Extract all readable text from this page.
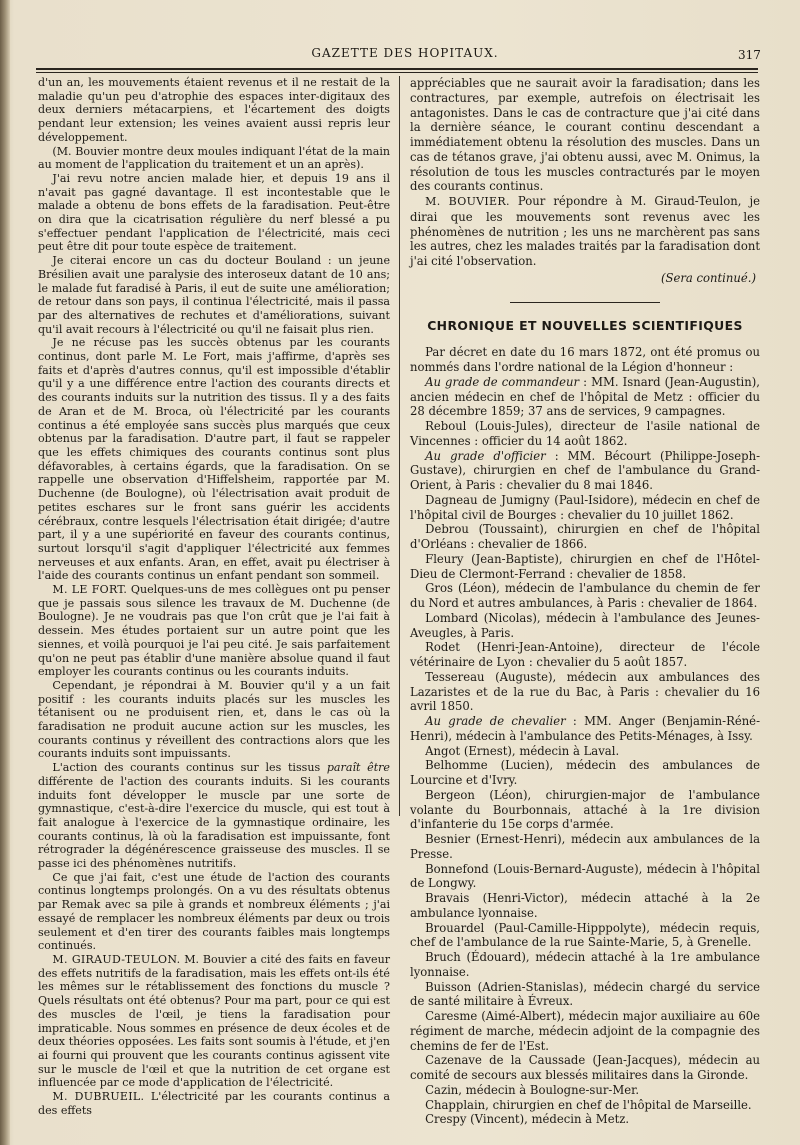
GAZETTE DES HOPITAUX.	317

d'un an, les mouvements étaient revenus et il ne restait de la maladie qu'un peu d'atrophie des espaces inter-digitaux des deux derniers métacarpiens, et l'écartement des doigts pendant leur extension; les veines avaient aussi repris leur développement.

(M. Bouvier montre deux moules indiquant l'état de la main au moment de l'application du traitement et un an après).

J'ai revu notre ancien malade hier, et depuis 19 ans il n'avait pas gagné davantage. Il est incontestable que le malade a obtenu de bons effets de la faradisation. Peut-être on dira que la cicatrisation régulière du nerf blessé a pu s'effectuer pendant l'application de l'électricité, mais ceci peut être dit pour toute espèce de traitement.

Je citerai encore un cas du docteur Bouland : un jeune Brésilien avait une paralysie des interoseux datant de 10 ans; le malade fut faradisé à Paris, il eut de suite une amélioration; de retour dans son pays, il continua l'électricité, mais il passa par des alternatives de rechutes et d'améliorations, suivant qu'il avait recours à l'électricité ou qu'il ne faisait plus rien.

Je ne récuse pas les succès obtenus par les courants continus, dont parle M. Le Fort, mais j'affirme, d'après ses faits et d'après d'autres connus, qu'il est impossible d'établir qu'il y a une différence entre l'action des courants directs et des courants induits sur la nutrition des tissus. Il y a des faits de Aran et de M. Broca, où l'électricité par les courants continus a été employée sans succès plus marqués que ceux obtenus par la faradisation. D'autre part, il faut se rappeler que les effets chimiques des courants continus sont plus défavorables, à certains égards, que la faradisation. On se rappelle une observation d'Hiffelsheim, rapportée par M. Duchenne (de Boulogne), où l'électrisation avait produit de petites eschares sur le front sans guérir les accidents cérébraux, contre lesquels l'électrisation était dirigée; d'autre part, il y a une supériorité en faveur des courants continus, surtout lorsqu'il s'agit d'appliquer l'électricité aux femmes nerveuses et aux enfants. Aran, en effet, avait pu électriser à l'aide des courants continus un enfant pendant son sommeil.

M. LE FORT. Quelques-uns de mes collègues ont pu penser que je passais sous silence les travaux de M. Duchenne (de Boulogne). Je ne voudrais pas que l'on crût que je l'ai fait à dessein. Mes études portaient sur un autre point que les siennes, et voilà pourquoi je l'ai peu cité. Je sais parfaitement qu'on ne peut pas établir d'une manière absolue quand il faut employer les courants continus ou les courants induits.

Cependant, je répondrai à M. Bouvier qu'il y a un fait positif : les courants induits placés sur les muscles les tétanisent ou ne produisent rien, et, dans le cas où la faradisation ne produit aucune action sur les muscles, les courants continus y réveillent des contractions alors que les courants induits sont impuissants.

L'action des courants continus sur les tissus paraît être différente de l'action des courants induits. Si les courants induits font développer le muscle par une sorte de gymnastique, c'est-à-dire l'exercice du muscle, qui est tout à fait analogue à l'exercice de la gymnastique ordinaire, les courants continus, là où la faradisation est impuissante, font rétrograder la dégénérescence graisseuse des muscles. Il se passe ici des phénomènes nutritifs.

Ce que j'ai fait, c'est une étude de l'action des courants continus longtemps prolongés. On a vu des résultats obtenus par Remak avec sa pile à grands et nombreux éléments ; j'ai essayé de remplacer les nombreux éléments par deux ou trois seulement et d'en tirer des courants faibles mais longtemps continués.

M. GIRAUD-TEULON. M. Bouvier a cité des faits en faveur des effets nutritifs de la faradisation, mais les effets ont-ils été les mêmes sur le rétablissement des fonctions du muscle ? Quels résultats ont été obtenus? Pour ma part, pour ce qui est des muscles de l'œil, je tiens la faradisation pour impraticable. Nous sommes en présence de deux écoles et de deux théories opposées. Les faits sont soumis à l'étude, et j'en ai fourni qui prouvent que les courants continus agissent vite sur le muscle de l'œil et que la nutrition de cet organe est influencée par ce mode d'application de l'électricité.

M. DUBRUEIL. L'électricité par les courants continus a des effets

appréciables que ne saurait avoir la faradisation; dans les contractures, par exemple, autrefois on électrisait les antagonistes. Dans le cas de contracture que j'ai cité dans la dernière séance, le courant continu descendant a immédiatement obtenu la résolution des muscles. Dans un cas de tétanos grave, j'ai obtenu aussi, avec M. Onimus, la résolution de tous les muscles contracturés par le moyen des courants continus.

M. BOUVIER. Pour répondre à M. Giraud-Teulon, je dirai que les mouvements sont revenus avec les phénomènes de nutrition ; les uns ne marchèrent pas sans les autres, chez les malades traités par la faradisation dont j'ai cité l'observation.

(Sera continué.)
CHRONIQUE ET NOUVELLES SCIENTIFIQUES

Par décret en date du 16 mars 1872, ont été promus ou nommés dans l'ordre national de la Légion d'honneur :

Au grade de commandeur : MM. Isnard (Jean-Augustin), ancien médecin en chef de l'hôpital de Metz : officier du 28 décembre 1859; 37 ans de services, 9 campagnes.

Reboul (Louis-Jules), directeur de l'asile national de Vincennes : officier du 14 août 1862.

Au grade d'officier : MM. Bécourt (Philippe-Joseph-Gustave), chirurgien en chef de l'ambulance du Grand-Orient, à Paris : chevalier du 8 mai 1846.

Dagneau de Jumigny (Paul-Isidore), médecin en chef de l'hôpital civil de Bourges : chevalier du 10 juillet 1862.

Debrou (Toussaint), chirurgien en chef de l'hôpital d'Orléans : chevalier de 1866.

Fleury (Jean-Baptiste), chirurgien en chef de l'Hôtel-Dieu de Clermont-Ferrand : chevalier de 1858.

Gros (Léon), médecin de l'ambulance du chemin de fer du Nord et autres ambulances, à Paris : chevalier de 1864.

Lombard (Nicolas), médecin à l'ambulance des Jeunes-Aveugles, à Paris.

Rodet (Henri-Jean-Antoine), directeur de l'école vétérinaire de Lyon : chevalier du 5 août 1857.

Tessereau (Auguste), médecin aux ambulances des Lazaristes et de la rue du Bac, à Paris : chevalier du 16 avril 1850.

Au grade de chevalier : MM. Anger (Benjamin-Réné-Henri), médecin à l'ambulance des Petits-Ménages, à Issy.

Angot (Ernest), médecin à Laval.

Belhomme (Lucien), médecin des ambulances de Lourcine et d'Ivry.

Bergeon (Léon), chirurgien-major de l'ambulance volante du Bourbonnais, attaché à la 1re division d'infanterie du 15e corps d'armée.

Besnier (Ernest-Henri), médecin aux ambulances de la Presse.

Bonnefond (Louis-Bernard-Auguste), médecin à l'hôpital de Longwy.

Bravais (Henri-Victor), médecin attaché à la 2e ambulance lyonnaise.

Brouardel (Paul-Camille-Hipppolyte), médecin requis, chef de l'ambulance de la rue Sainte-Marie, 5, à Grenelle.

Bruch (Édouard), médecin attaché à la 1re ambulance lyonnaise.

Buisson (Adrien-Stanislas), médecin chargé du service de santé militaire à Évreux.

Caresme (Aimé-Albert), médecin major auxiliaire au 60e régiment de marche, médecin adjoint de la compagnie des chemins de fer de l'Est.

Cazenave de la Caussade (Jean-Jacques), médecin au comité de secours aux blessés militaires dans la Gironde.

Cazin, médecin à Boulogne-sur-Mer.

Chapplain, chirurgien en chef de l'hôpital de Marseille.

Crespy (Vincent), médecin à Metz.
